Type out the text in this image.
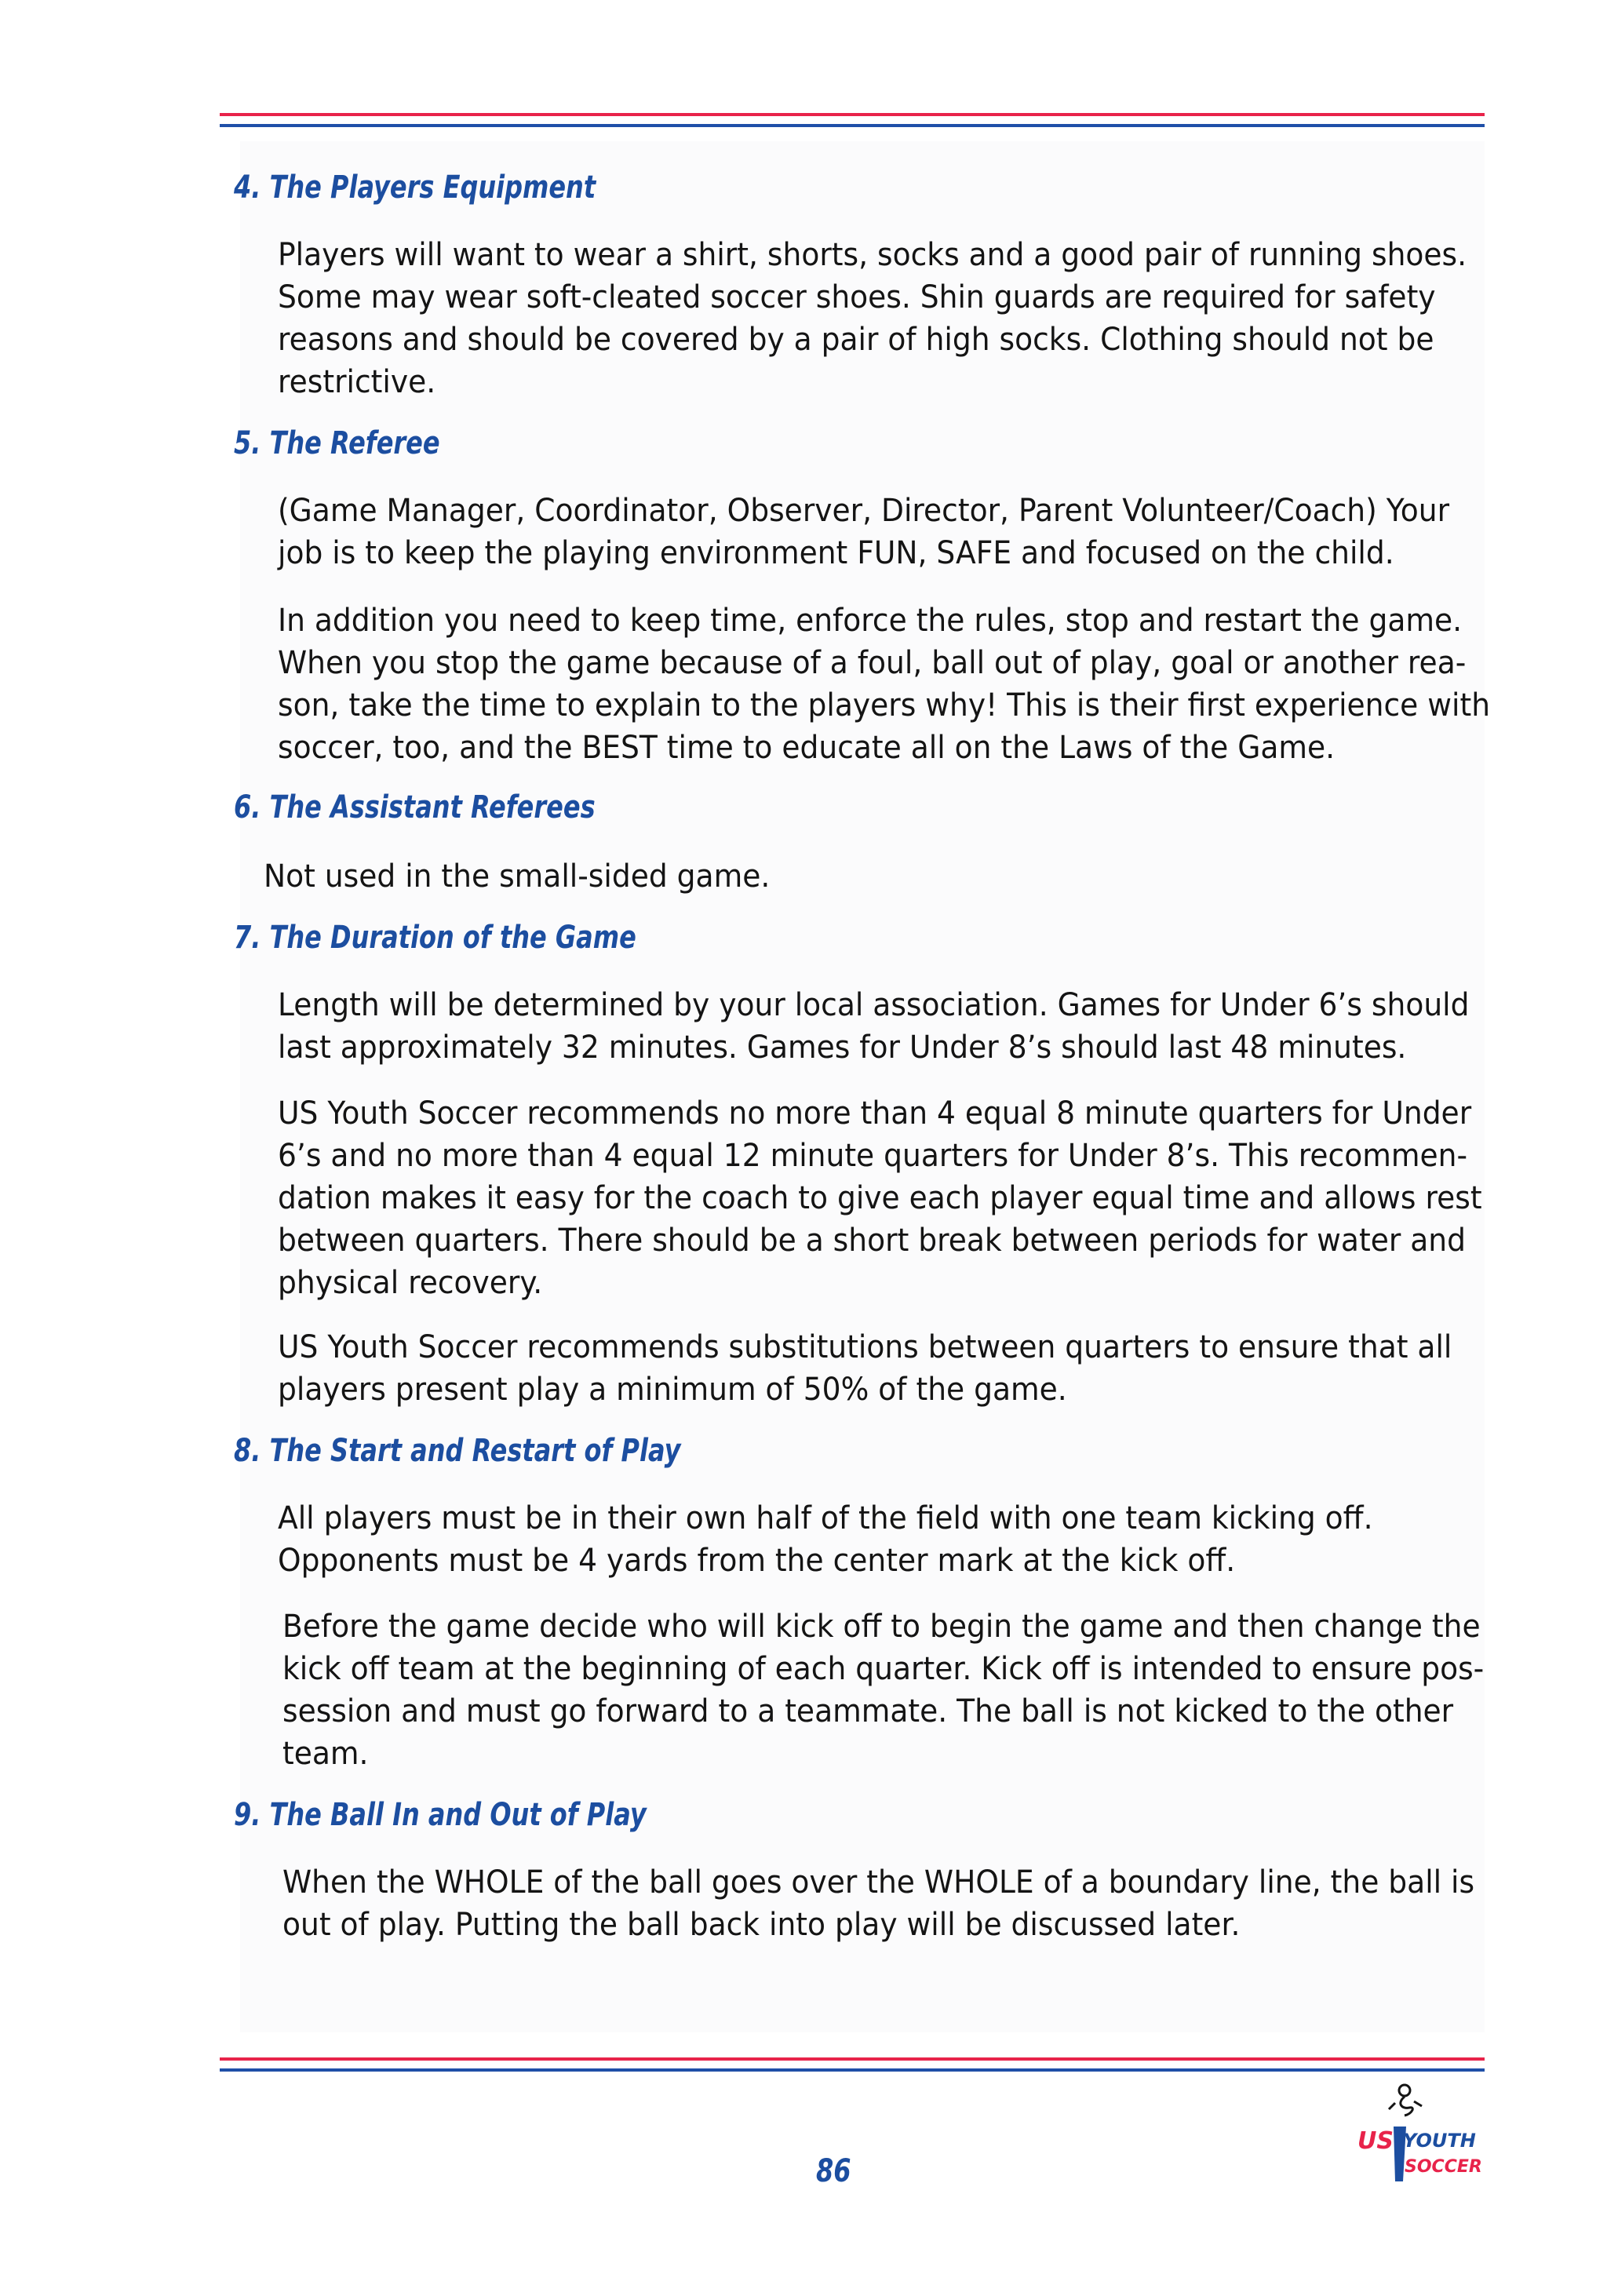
4. The Players Equipment

Players will want to wear a shirt, shorts, socks and a good pair of running shoes.
Some may wear soft-cleated soccer shoes. Shin guards are required for safety
reasons and should be covered by a pair of high socks. Clothing should not be
restrictive.

5. The Referee

(Game Manager, Coordinator, Observer, Director, Parent Volunteer/Coach) Your
job is to keep the playing environment FUN, SAFE and focused on the child.

In addition you need to keep time, enforce the rules, stop and restart the game.
When you stop the game because of a foul, ball out of play, goal or another rea-
son, take the time to explain to the players why! This is their first experience with
soccer, too, and the BEST time to educate all on the Laws of the Game.

6. The Assistant Referees

Not used in the small-sided game.

7. The Duration of the Game

Length will be determined by your local association. Games for Under 6’s should
last approximately 32 minutes. Games for Under 8’s should last 48 minutes.

US Youth Soccer recommends no more than 4 equal 8 minute quarters for Under
6’s and no more than 4 equal 12 minute quarters for Under 8’s. This recommen-
dation makes it easy for the coach to give each player equal time and allows rest
between quarters. There should be a short break between periods for water and
physical recovery.

US Youth Soccer recommends substitutions between quarters to ensure that all
players present play a minimum of 50% of the game.

8. The Start and Restart of Play

All players must be in their own half of the field with one team kicking off.
Opponents must be 4 yards from the center mark at the kick off.

Before the game decide who will kick off to begin the game and then change the
kick off team at the beginning of each quarter. Kick off is intended to ensure pos-
session and must go forward to a teammate. The ball is not kicked to the other
team.

9. The Ball In and Out of Play

When the WHOLE of the ball goes over the WHOLE of a boundary line, the ball is
out of play. Putting the ball back into play will be discussed later.

86
US YOUTH
SOCCER
